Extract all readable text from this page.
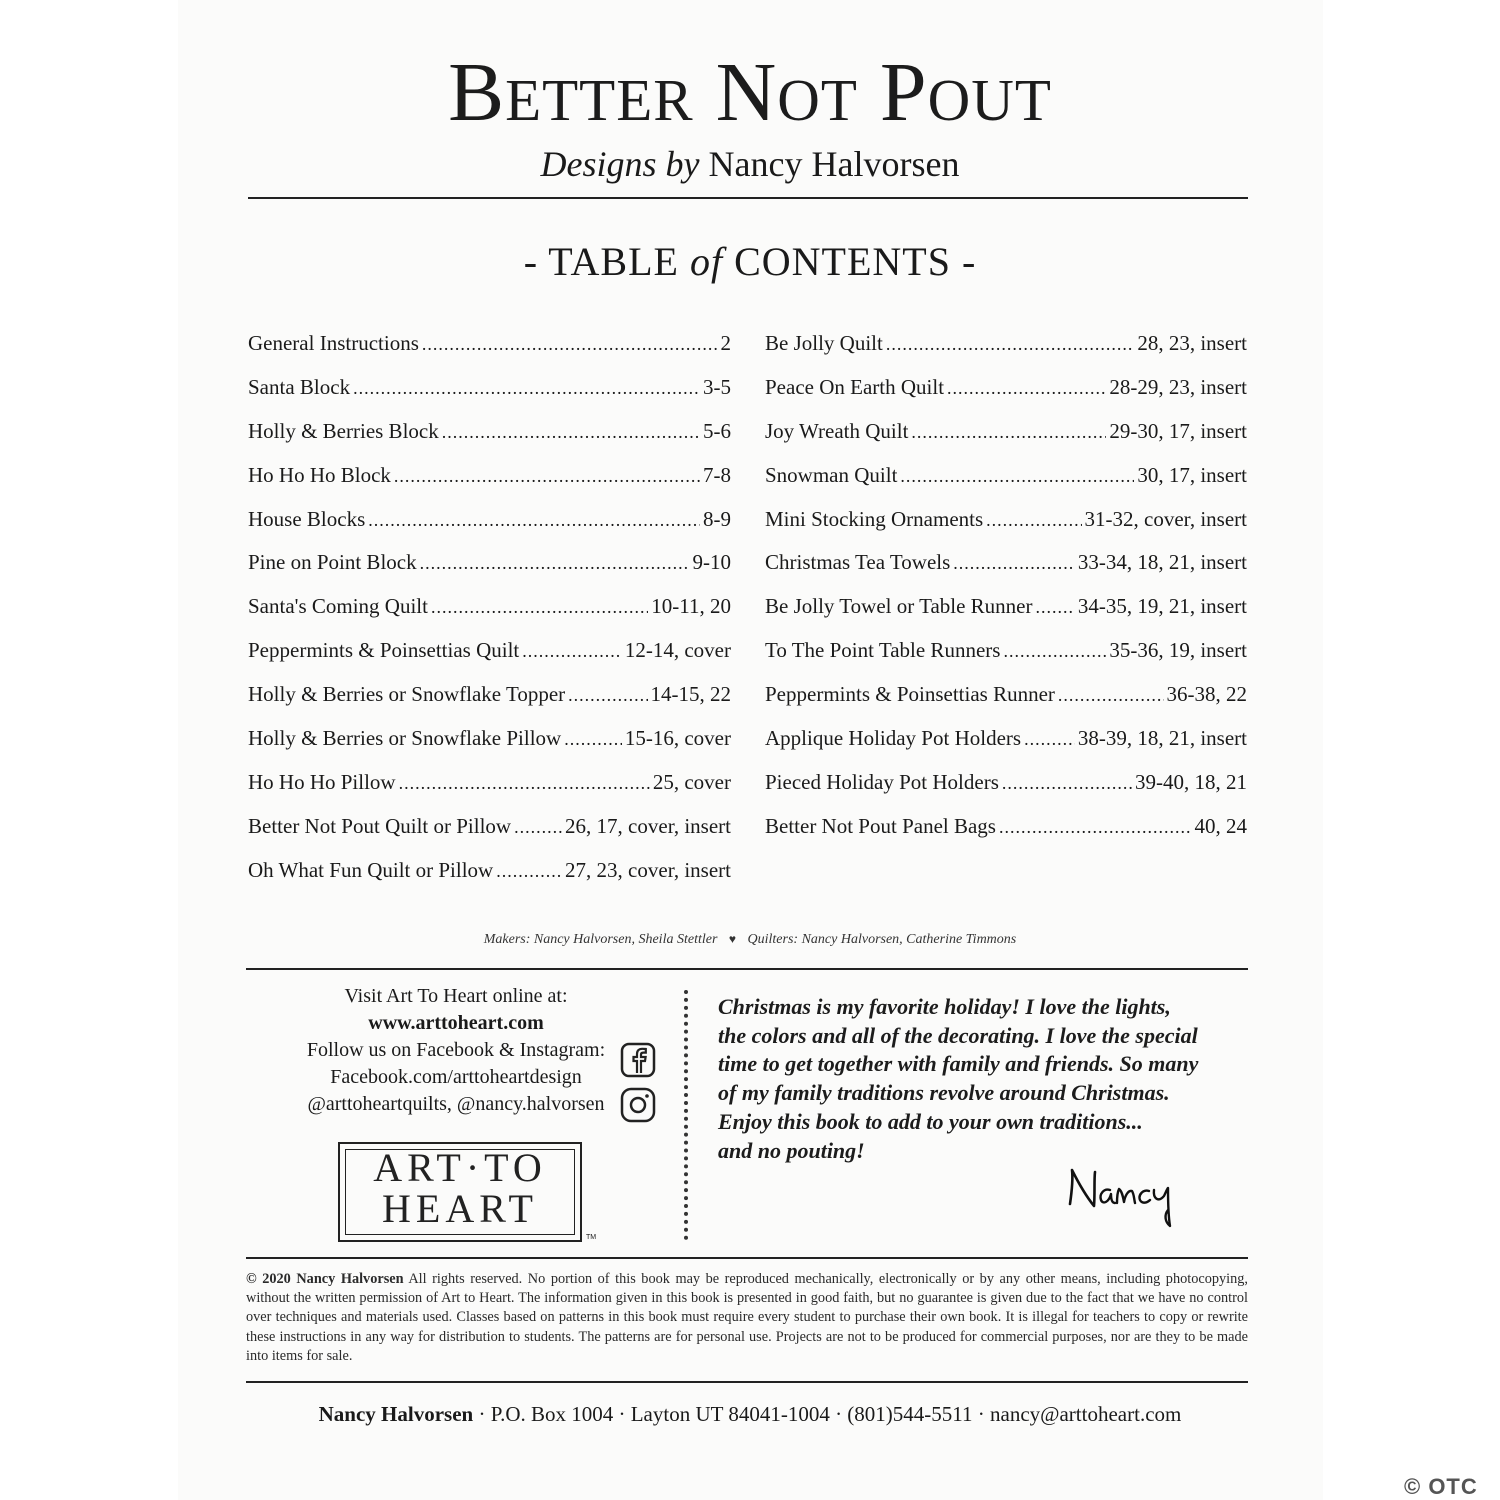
Better Not Pout
Designs by Nancy Halvorsen
- TABLE of CONTENTS -
General Instructions .....	2
Santa Block .....	3-5
Holly & Berries Block .....	5-6
Ho Ho Ho Block .....	7-8
House Blocks .....	8-9
Pine on Point Block .....	9-10
Santa's Coming Quilt .....	10-11, 20
Peppermints & Poinsettias Quilt .....	12-14, cover
Holly & Berries or Snowflake Topper .....	14-15, 22
Holly & Berries or Snowflake Pillow .....	15-16, cover
Ho Ho Ho Pillow .....	25, cover
Better Not Pout Quilt or Pillow .....	26, 17, cover, insert
Oh What Fun Quilt or Pillow .....	27, 23, cover, insert
Be Jolly Quilt .....	28, 23, insert
Peace On Earth Quilt .....	28-29, 23, insert
Joy Wreath Quilt .....	29-30, 17, insert
Snowman Quilt .....	30, 17, insert
Mini Stocking Ornaments .....	31-32, cover, insert
Christmas Tea Towels .....	33-34, 18, 21, insert
Be Jolly Towel or Table Runner ..... 34-35, 19, 21, insert
To The Point Table Runners .....	35-36, 19, insert
Peppermints & Poinsettias Runner .....	36-38, 22
Applique Holiday Pot Holders .....	38-39, 18, 21, insert
Pieced Holiday Pot Holders .....	39-40, 18, 21
Better Not Pout Panel Bags .....	40, 24
Makers: Nancy Halvorsen, Sheila Stettler ♥ Quilters: Nancy Halvorsen, Catherine Timmons
Visit Art To Heart online at:
www.arttoheart.com
Follow us on Facebook & Instagram:
Facebook.com/arttoheartdesign
@arttoheartquilts, @nancy.halvorsen
ART·TO
HEART
TM
Christmas is my favorite holiday! I love the lights,
the colors and all of the decorating. I love the special
time to get together with family and friends. So many
of my family traditions revolve around Christmas.
Enjoy this book to add to your own traditions...
and no pouting!
© 2020 Nancy Halvorsen All rights reserved. No portion of this book may be reproduced mechanically, electronically or by any other means, including photocopying, without the written permission of Art to Heart. The information given in this book is presented in good faith, but no guarantee is given due to the fact that we have no control over techniques and materials used. Classes based on patterns in this book must require every student to purchase their own book. It is illegal for teachers to copy or rewrite these instructions in any way for distribution to students. The patterns are for personal use. Projects are not to be produced for commercial purposes, nor are they to be made into items for sale.
Nancy Halvorsen · P.O. Box 1004 · Layton UT 84041-1004 · (801)544-5511 · nancy@arttoheart.com
© OTC
